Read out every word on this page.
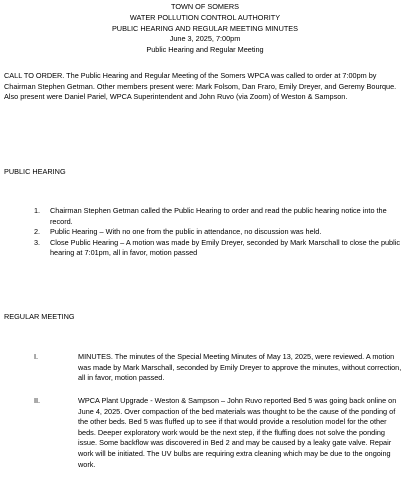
TOWN OF SOMERS
WATER POLLUTION CONTROL AUTHORITY
PUBLIC HEARING AND REGULAR MEETING MINUTES
June 3, 2025, 7:00pm
Public Hearing and Regular Meeting
CALL TO ORDER. The Public Hearing and Regular Meeting of the Somers WPCA was called to order at 7:00pm by Chairman Stephen Getman. Other members present were: Mark Folsom, Dan Fraro, Emily Dreyer, and Geremy Bourque. Also present were Daniel Pariel, WPCA Superintendent and John Ruvo (via Zoom) of Weston & Sampson.
PUBLIC HEARING
1. Chairman Stephen Getman called the Public Hearing to order and read the public hearing notice into the record.
2. Public Hearing – With no one from the public in attendance, no discussion was held.
3. Close Public Hearing – A motion was made by Emily Dreyer, seconded by Mark Marschall to close the public hearing at 7:01pm, all in favor, motion passed
REGULAR MEETING
I.	MINUTES. The minutes of the Special Meeting Minutes of May 13, 2025, were reviewed. A motion was made by Mark Marschall, seconded by Emily Dreyer to approve the minutes, without correction, all in favor, motion passed.
II.	WPCA Plant Upgrade - Weston & Sampson – John Ruvo reported Bed 5 was going back online on June 4, 2025. Over compaction of the bed materials was thought to be the cause of the ponding of the other beds. Bed 5 was fluffed up to see if that would provide a resolution model for the other beds. Deeper exploratory work would be the next step, if the fluffing does not solve the ponding issue. Some backflow was discovered in Bed 2 and may be caused by a leaky gate valve. Repair work will be initiated. The UV bulbs are requiring extra cleaning which may be due to the ongoing work.
